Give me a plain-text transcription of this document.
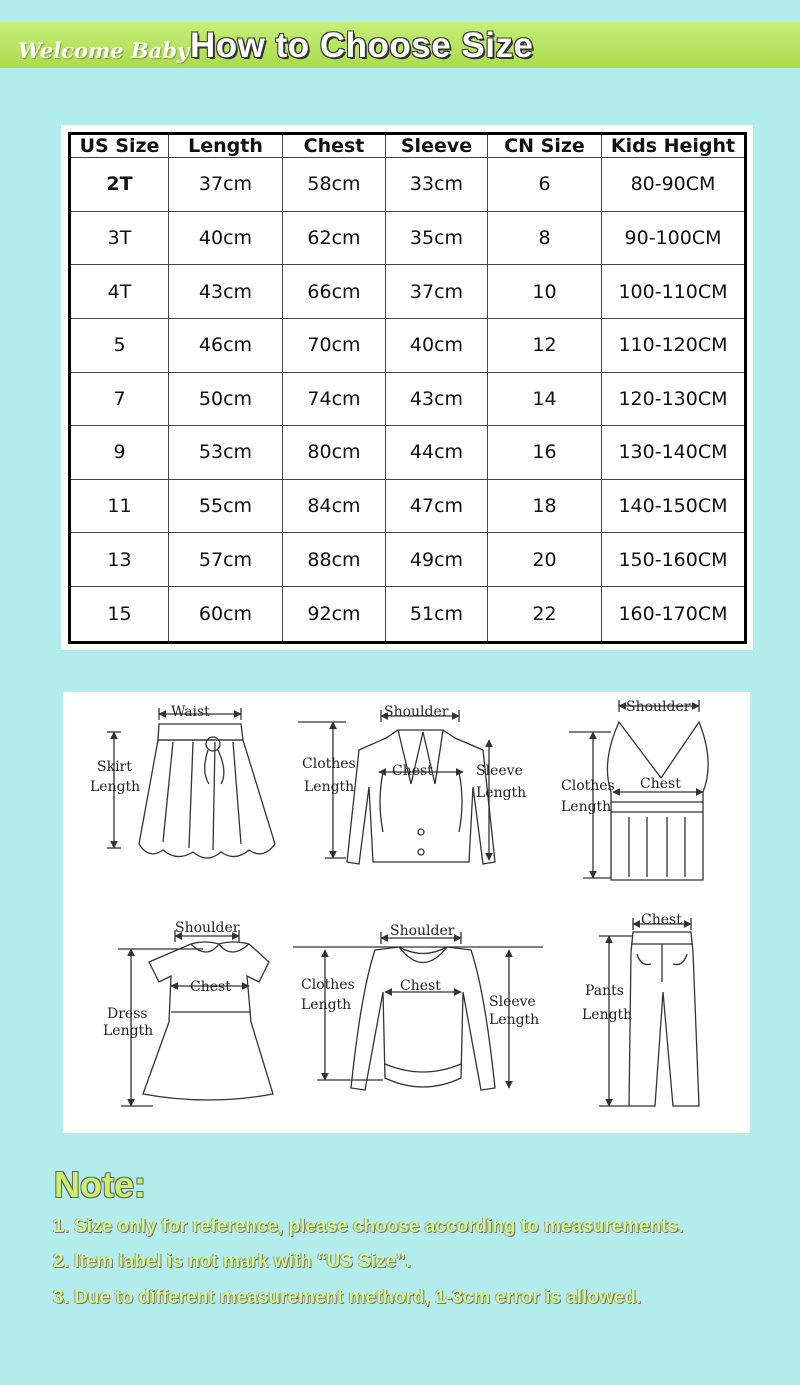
Welcome Baby How to Choose Size
US Size	Length	Chest	Sleeve	CN Size	Kids Height
2T	37cm	58cm	33cm	6	80-90CM
3T	40cm	62cm	35cm	8	90-100CM
4T	43cm	66cm	37cm	10	100-110CM
5	46cm	70cm	40cm	12	110-120CM
7	50cm	74cm	43cm	14	120-130CM
9	53cm	80cm	44cm	16	130-140CM
11	55cm	84cm	47cm	18	140-150CM
13	57cm	88cm	49cm	20	150-160CM
15	60cm	92cm	51cm	22	160-170CM
Waist
Skirt
Length
Shoulder
Clothes
Length
Chest	Sleeve
Length
Shoulder
Clothes
Length
Chest
Shoulder
Dress
Length
Chest
Shoulder
Clothes
Length
Chest
Sleeve
Length
Chest
Pants
Length
Note:
1. Size only for reference, please choose according to measurements.
2. Item label is not mark with “US Size”.
3. Due to different measurement methord, 1-3cm error is allowed.
